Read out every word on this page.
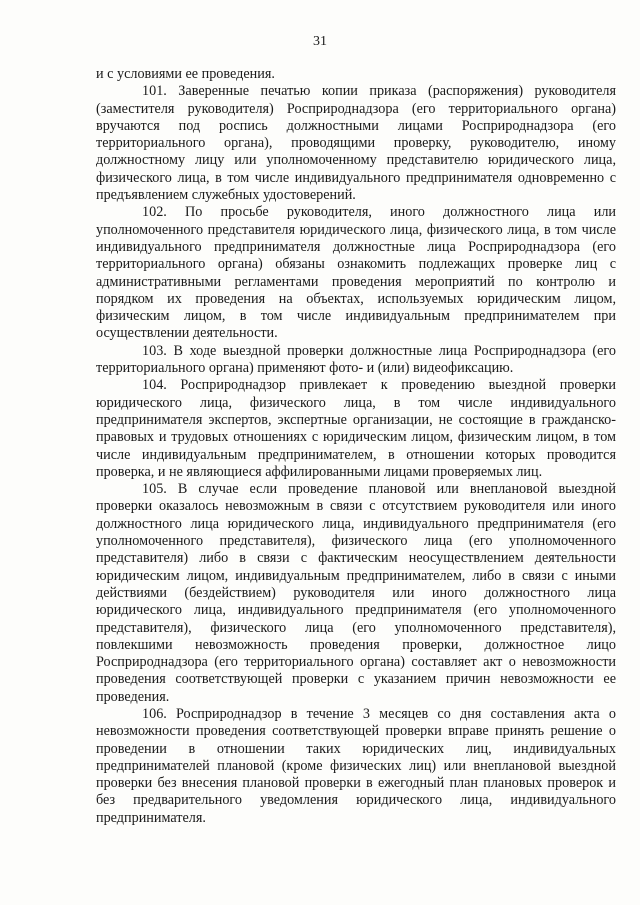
31

и с условиями ее проведения.

101. Заверенные печатью копии приказа (распоряжения) руководителя (заместителя руководителя) Росприроднадзора (его территориального органа) вручаются под роспись должностными лицами Росприроднадзора (его территориального органа), проводящими проверку, руководителю, иному должностному лицу или уполномоченному представителю юридического лица, физического лица, в том числе индивидуального предпринимателя одновременно с предъявлением служебных удостоверений.

102. По просьбе руководителя, иного должностного лица или уполномоченного представителя юридического лица, физического лица, в том числе индивидуального предпринимателя должностные лица Росприроднадзора (его территориального органа) обязаны ознакомить подлежащих проверке лиц с административными регламентами проведения мероприятий по контролю и порядком их проведения на объектах, используемых юридическим лицом, физическим лицом, в том числе индивидуальным предпринимателем при осуществлении деятельности.

103. В ходе выездной проверки должностные лица Росприроднадзора (его территориального органа) применяют фото- и (или) видеофиксацию.

104. Росприроднадзор привлекает к проведению выездной проверки юридического лица, физического лица, в том числе индивидуального предпринимателя экспертов, экспертные организации, не состоящие в гражданско-правовых и трудовых отношениях с юридическим лицом, физическим лицом, в том числе индивидуальным предпринимателем, в отношении которых проводится проверка, и не являющиеся аффилированными лицами проверяемых лиц.

105. В случае если проведение плановой или внеплановой выездной проверки оказалось невозможным в связи с отсутствием руководителя или иного должностного лица юридического лица, индивидуального предпринимателя (его уполномоченного представителя), физического лица (его уполномоченного представителя) либо в связи с фактическим неосуществлением деятельности юридическим лицом, индивидуальным предпринимателем, либо в связи с иными действиями (бездействием) руководителя или иного должностного лица юридического лица, индивидуального предпринимателя (его уполномоченного представителя), физического лица (его уполномоченного представителя), повлекшими невозможность проведения проверки, должностное лицо Росприроднадзора (его территориального органа) составляет акт о невозможности проведения соответствующей проверки с указанием причин невозможности ее проведения.

106. Росприроднадзор в течение 3 месяцев со дня составления акта о невозможности проведения соответствующей проверки вправе принять решение о проведении в отношении таких юридических лиц, индивидуальных предпринимателей плановой (кроме физических лиц) или внеплановой выездной проверки без внесения плановой проверки в ежегодный план плановых проверок и без предварительного уведомления юридического лица, индивидуального предпринимателя.
